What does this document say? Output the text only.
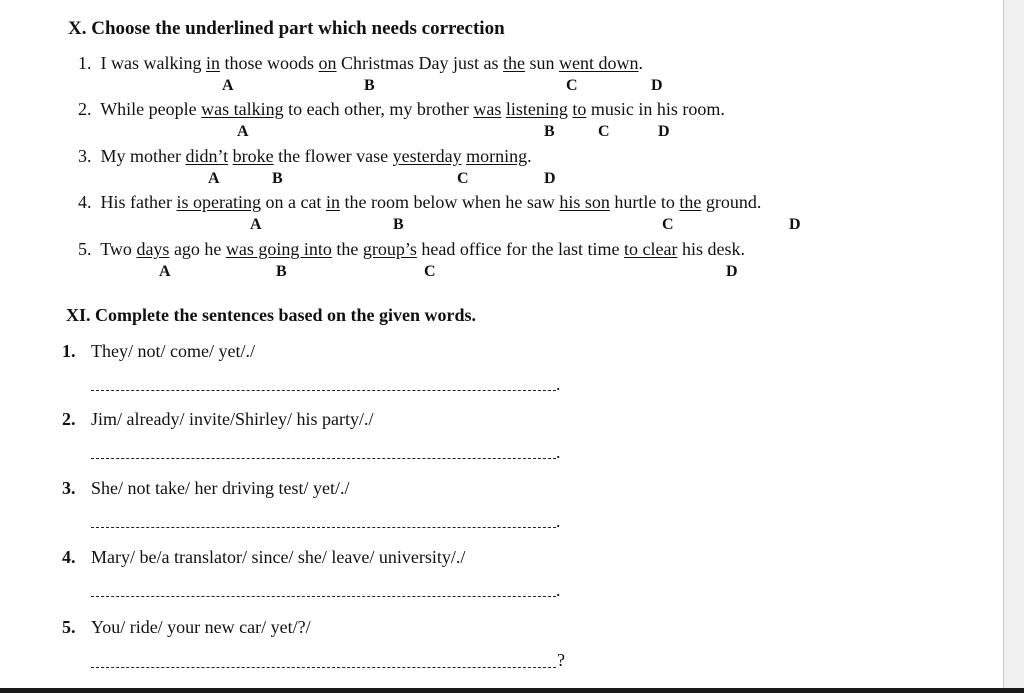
X. Choose the underlined part which needs correction
1. I was walking in those woods on Christmas Day just as the sun went down.
A	B	C	D
2. While people was talking to each other, my brother was listening to music in his room.
A	B	C	D
3. My mother didn’t broke the flower vase yesterday morning.
A	B	C	D
4. His father is operating on a cat in the room below when he saw his son hurtle to the ground.
A	B	C	D
5. Two days ago he was going into the group’s head office for the last time to clear his desk.
A	B	C	D
XI. Complete the sentences based on the given words.
1. They/ not/ come/ yet/./
.
2. Jim/ already/ invite/Shirley/ his party/./
.
3. She/ not take/ her driving test/ yet/./
.
4. Mary/ be/a translator/ since/ she/ leave/ university/./
.
5. You/ ride/ your new car/ yet/?/
?
